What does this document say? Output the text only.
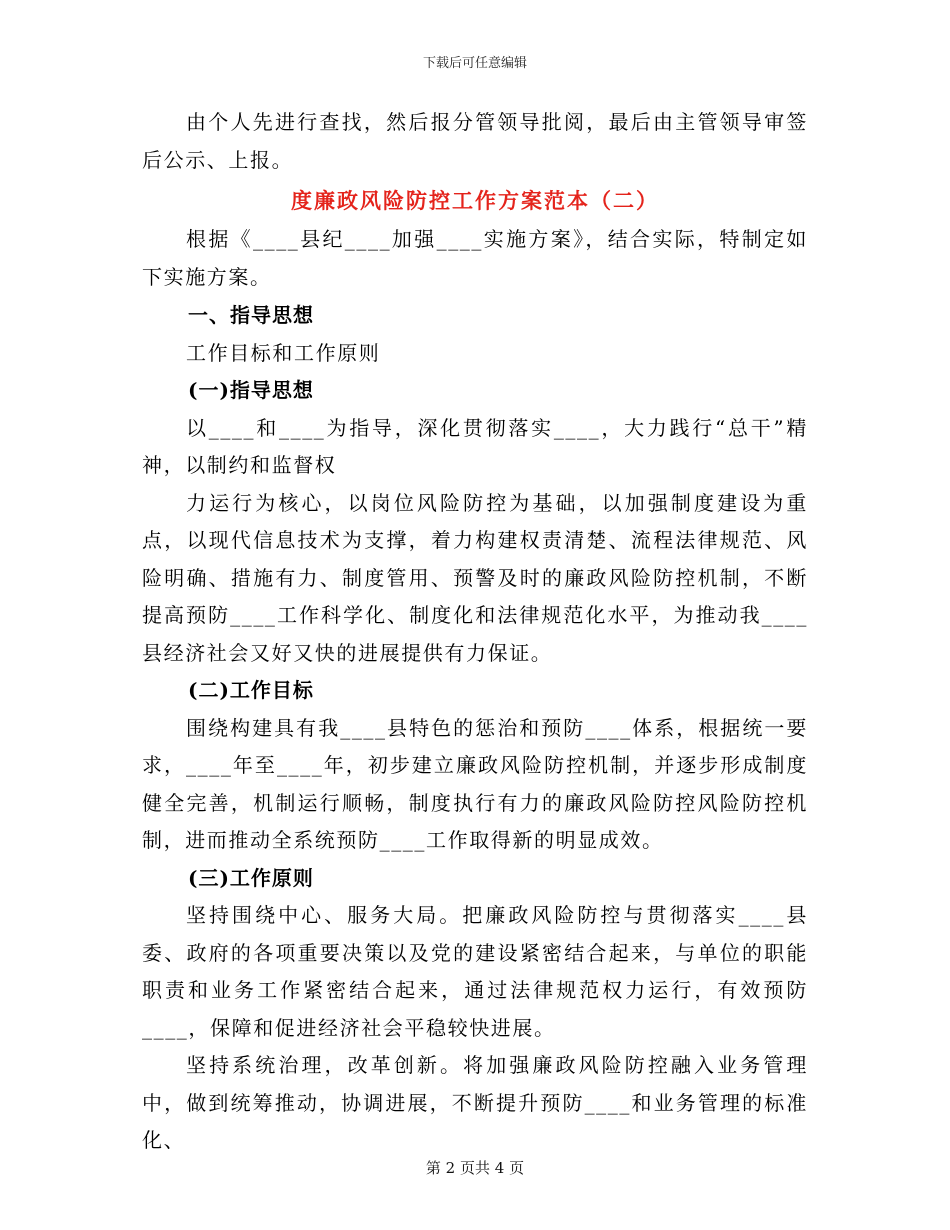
下载后可任意编辑

由个人先进行查找，然后报分管领导批阅，最后由主管领导审签后公示、上报。

度廉政风险防控工作方案范本（二）

根据《____县纪____加强____实施方案》，结合实际，特制定如下实施方案。

一、指导思想

工作目标和工作原则

(一)指导思想

以____和____为指导，深化贯彻落实____，大力践行“总干”精神，以制约和监督权

力运行为核心，以岗位风险防控为基础，以加强制度建设为重点，以现代信息技术为支撑，着力构建权责清楚、流程法律规范、风险明确、措施有力、制度管用、预警及时的廉政风险防控机制，不断提高预防____工作科学化、制度化和法律规范化水平，为推动我____县经济社会又好又快的进展提供有力保证。

(二)工作目标

围绕构建具有我____县特色的惩治和预防____体系，根据统一要求，____年至____年，初步建立廉政风险防控机制，并逐步形成制度健全完善，机制运行顺畅，制度执行有力的廉政风险防控风险防控机制，进而推动全系统预防____工作取得新的明显成效。

(三)工作原则

坚持围绕中心、服务大局。把廉政风险防控与贯彻落实____县委、政府的各项重要决策以及党的建设紧密结合起来，与单位的职能职责和业务工作紧密结合起来，通过法律规范权力运行，有效预防____，保障和促进经济社会平稳较快进展。

坚持系统治理，改革创新。将加强廉政风险防控融入业务管理中，做到统筹推动，协调进展，不断提升预防____和业务管理的标准化、

第 2 页共 4 页
